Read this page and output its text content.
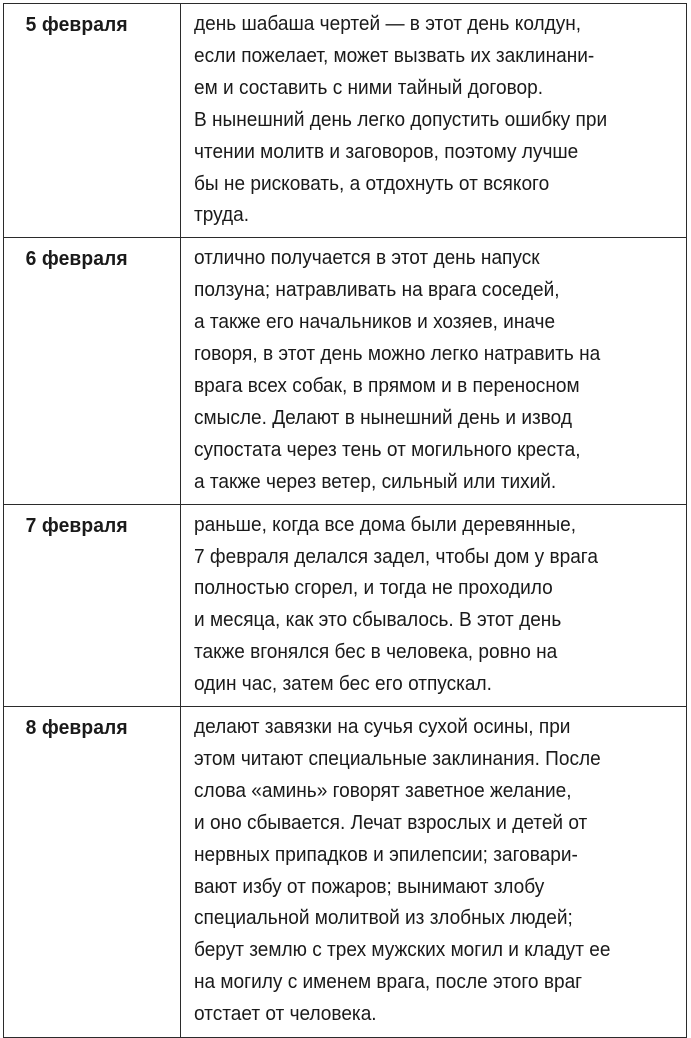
5 февраля	день шабаша чертей — в этот день колдун,
если пожелает, может вызвать их заклинани-
ем и составить с ними тайный договор.
В нынешний день легко допустить ошибку при
чтении молитв и заговоров, поэтому лучше
бы не рисковать, а отдохнуть от всякого
труда.

6 февраля	отлично получается в этот день напуск
ползуна; натравливать на врага соседей,
а также его начальников и хозяев, иначе
говоря, в этот день можно легко натравить на
врага всех собак, в прямом и в переносном
смысле. Делают в нынешний день и извод
супостата через тень от могильного креста,
а также через ветер, сильный или тихий.

7 февраля	раньше, когда все дома были деревянные,
7 февраля делался задел, чтобы дом у врага
полностью сгорел, и тогда не проходило
и месяца, как это сбывалось. В этот день
также вгонялся бес в человека, ровно на
один час, затем бес его отпускал.

8 февраля	делают завязки на сучья сухой осины, при
этом читают специальные заклинания. После
слова «аминь» говорят заветное желание,
и оно сбывается. Лечат взрослых и детей от
нервных припадков и эпилепсии; заговари-
вают избу от пожаров; вынимают злобу
специальной молитвой из злобных людей;
берут землю с трех мужских могил и кладут ее
на могилу с именем врага, после этого враг
отстает от человека.
